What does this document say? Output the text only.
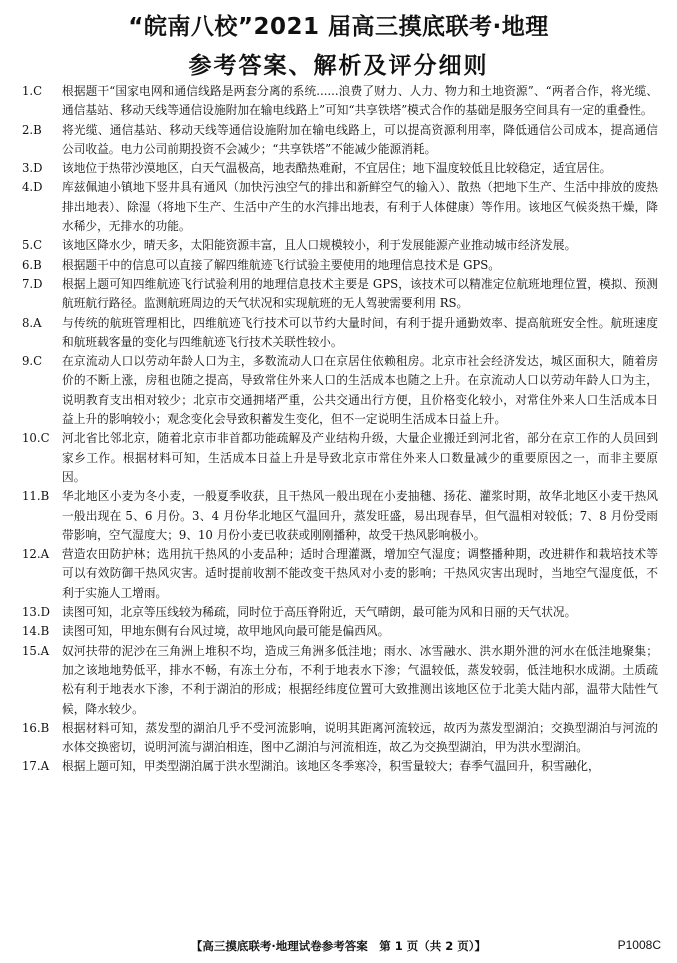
“皖南八校”2021 届高三摸底联考·地理
参考答案、解析及评分细则
1.C	根据题干“国家电网和通信线路是两套分离的系统......浪费了财力、人力、物力和土地资源”、“两者合作，将光缆、通信基站、移动天线等通信设施附加在输电线路上”可知“共享铁塔”模式合作的基础是服务空间具有一定的重叠性。
2.B	将光缆、通信基站、移动天线等通信设施附加在输电线路上，可以提高资源利用率，降低通信公司成本，提高通信公司收益。电力公司前期投资不会减少；“共享铁塔”不能减少能源消耗。
3.D	该地位于热带沙漠地区，白天气温极高，地表酷热难耐，不宜居住；地下温度较低且比较稳定，适宜居住。
4.D	库兹佩迪小镇地下竖井具有通风（加快污浊空气的排出和新鲜空气的输入）、散热（把地下生产、生活中排放的废热排出地表）、除湿（将地下生产、生活中产生的水汽排出地表，有利于人体健康）等作用。该地区气候炎热干燥，降水稀少，无排水的功能。
5.C	该地区降水少，晴天多，太阳能资源丰富，且人口规模较小，利于发展能源产业推动城市经济发展。
6.B	根据题干中的信息可以直接了解四维航迹飞行试验主要使用的地理信息技术是 GPS。
7.D	根据上题可知四维航迹飞行试验利用的地理信息技术主要是 GPS，该技术可以精准定位航班地理位置，模拟、预测航班航行路径。监测航班周边的天气状况和实现航班的无人驾驶需要利用 RS。
8.A	与传统的航班管理相比，四维航迹飞行技术可以节约大量时间，有利于提升通勤效率、提高航班安全性。航班速度和航班载客量的变化与四维航迹飞行技术关联性较小。
9.C	在京流动人口以劳动年龄人口为主，多数流动人口在京居住依赖租房。北京市社会经济发达，城区面积大，随着房价的不断上涨，房租也随之提高，导致常住外来人口的生活成本也随之上升。在京流动人口以劳动年龄人口为主，说明教育支出相对较少；北京市交通拥堵严重，公共交通出行方便，且价格变化较小，对常住外来人口生活成本日益上升的影响较小；观念变化会导致积蓄发生变化，但不一定说明生活成本日益上升。
10.C	河北省比邻北京，随着北京市非首都功能疏解及产业结构升级，大量企业搬迁到河北省，部分在京工作的人员回到家乡工作。根据材料可知，生活成本日益上升是导致北京市常住外来人口数量减少的重要原因之一，而非主要原因。
11.B	华北地区小麦为冬小麦，一般夏季收获，且干热风一般出现在小麦抽穗、扬花、灌浆时期，故华北地区小麦干热风一般出现在 5、6 月份。3、4 月份华北地区气温回升，蒸发旺盛，易出现春旱，但气温相对较低；7、8 月份受雨带影响，空气湿度大；9、10 月份小麦已收获或刚刚播种，故受干热风影响极小。
12.A	营造农田防护林；选用抗干热风的小麦品种；适时合理灌溉，增加空气湿度；调整播种期，改进耕作和栽培技术等可以有效防御干热风灾害。适时提前收割不能改变干热风对小麦的影响；干热风灾害出现时，当地空气湿度低，不利于实施人工增雨。
13.D	读图可知，北京等压线较为稀疏，同时位于高压脊附近，天气晴朗，最可能为风和日丽的天气状况。
14.B	读图可知，甲地东侧有台风过境，故甲地风向最可能是偏西风。
15.A	奴河扶带的泥沙在三角洲上堆积不均，造成三角洲多低洼地；雨水、冰雪融水、洪水期外泄的河水在低洼地聚集；加之该地地势低平，排水不畅，有冻土分布，不利于地表水下渗；气温较低，蒸发较弱，低洼地积水成湖。土质疏松有利于地表水下渗，不利于湖泊的形成；根据经纬度位置可大致推测出该地区位于北美大陆内部，温带大陆性气候，降水较少。
16.B	根据材料可知，蒸发型的湖泊几乎不受河流影响，说明其距离河流较远，故丙为蒸发型湖泊；交换型湖泊与河流的水体交换密切，说明河流与湖泊相连，图中乙湖泊与河流相连，故乙为交换型湖泊，甲为洪水型湖泊。
17.A	根据上题可知，甲类型湖泊属于洪水型湖泊。该地区冬季寒冷，积雪量较大；春季气温回升，积雪融化，
【高三摸底联考·地理试卷参考答案　第 1 页（共 2 页）】	P1008C
